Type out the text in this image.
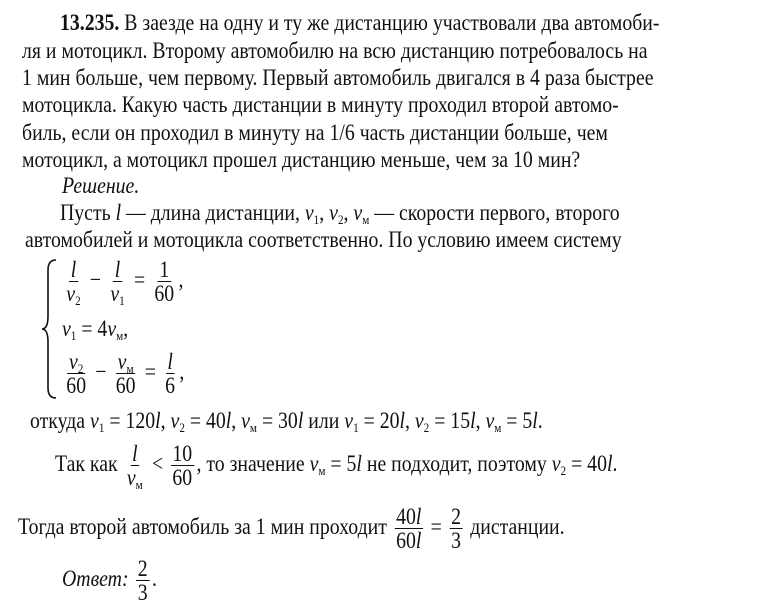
13.235. В заезде на одну и ту же дистанцию участвовали два автомоби-
ля и мотоцикл. Второму автомобилю на всю дистанцию потребовалось на
1 мин больше, чем первому. Первый автомобиль двигался в 4 раза быстрее
мотоцикла. Какую часть дистанции в минуту проходил второй автомо-
биль, если он проходил в минуту на 1/6 часть дистанции больше, чем
мотоцикл, а мотоцикл прошел дистанцию меньше, чем за 10 мин?
Решение.
Пусть l — длина дистанции, $v_1$, $v_2$, $v_м$ — скорости первого, второго
автомобилей и мотоцикла соответственно. По условию имеем систему
$\frac{l}{v_2} - \frac{l}{v_1} = \frac{1}{60}$ ,
$v_1 = 4v_м$,
$\frac{v_2}{60} - \frac{v_м}{60} = \frac{l}{6}$ ,
откуда $v_1 = 120l$, $v_2 = 40l$, $v_м = 30l$ или $v_1 = 20l$, $v_2 = 15l$, $v_м = 5l$.
Так как $\frac{l}{v_м} < \frac{10}{60}$ , то значение $v_м = 5l$ не подходит, поэтому $v_2 = 40l$.
Тогда второй автомобиль за 1 мин проходит $\frac{40l}{60l} = \frac{2}{3}$ дистанции.
Ответ: $\frac{2}{3}$ .
